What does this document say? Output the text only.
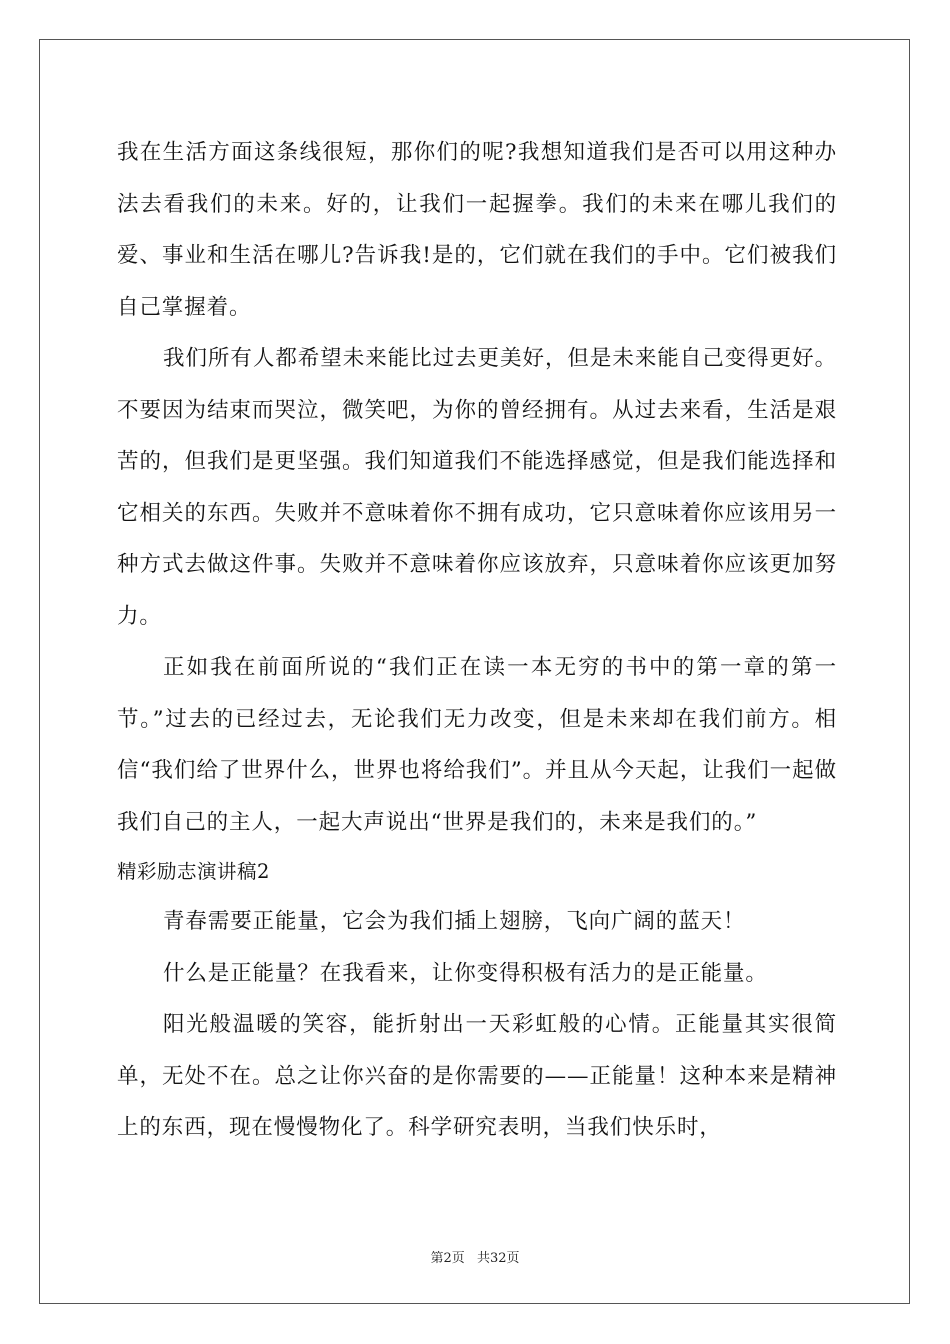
我在生活方面这条线很短，那你们的呢?我想知道我们是否可以用这种办法去看我们的未来。好的，让我们一起握拳。我们的未来在哪儿我们的爱、事业和生活在哪儿?告诉我!是的，它们就在我们的手中。它们被我们自己掌握着。

我们所有人都希望未来能比过去更美好，但是未来能自己变得更好。不要因为结束而哭泣，微笑吧，为你的曾经拥有。从过去来看，生活是艰苦的，但我们是更坚强。我们知道我们不能选择感觉，但是我们能选择和它相关的东西。失败并不意味着你不拥有成功，它只意味着你应该用另一种方式去做这件事。失败并不意味着你应该放弃，只意味着你应该更加努力。

正如我在前面所说的“我们正在读一本无穷的书中的第一章的第一节。”过去的已经过去，无论我们无力改变，但是未来却在我们前方。相信“我们给了世界什么，世界也将给我们”。并且从今天起，让我们一起做我们自己的主人，一起大声说出“世界是我们的，未来是我们的。”

精彩励志演讲稿2

青春需要正能量，它会为我们插上翅膀，飞向广阔的蓝天！

什么是正能量？在我看来，让你变得积极有活力的是正能量。

阳光般温暖的笑容，能折射出一天彩虹般的心情。正能量其实很简单，无处不在。总之让你兴奋的是你需要的——正能量！这种本来是精神上的东西，现在慢慢物化了。科学研究表明，当我们快乐时，

第2页 共32页
